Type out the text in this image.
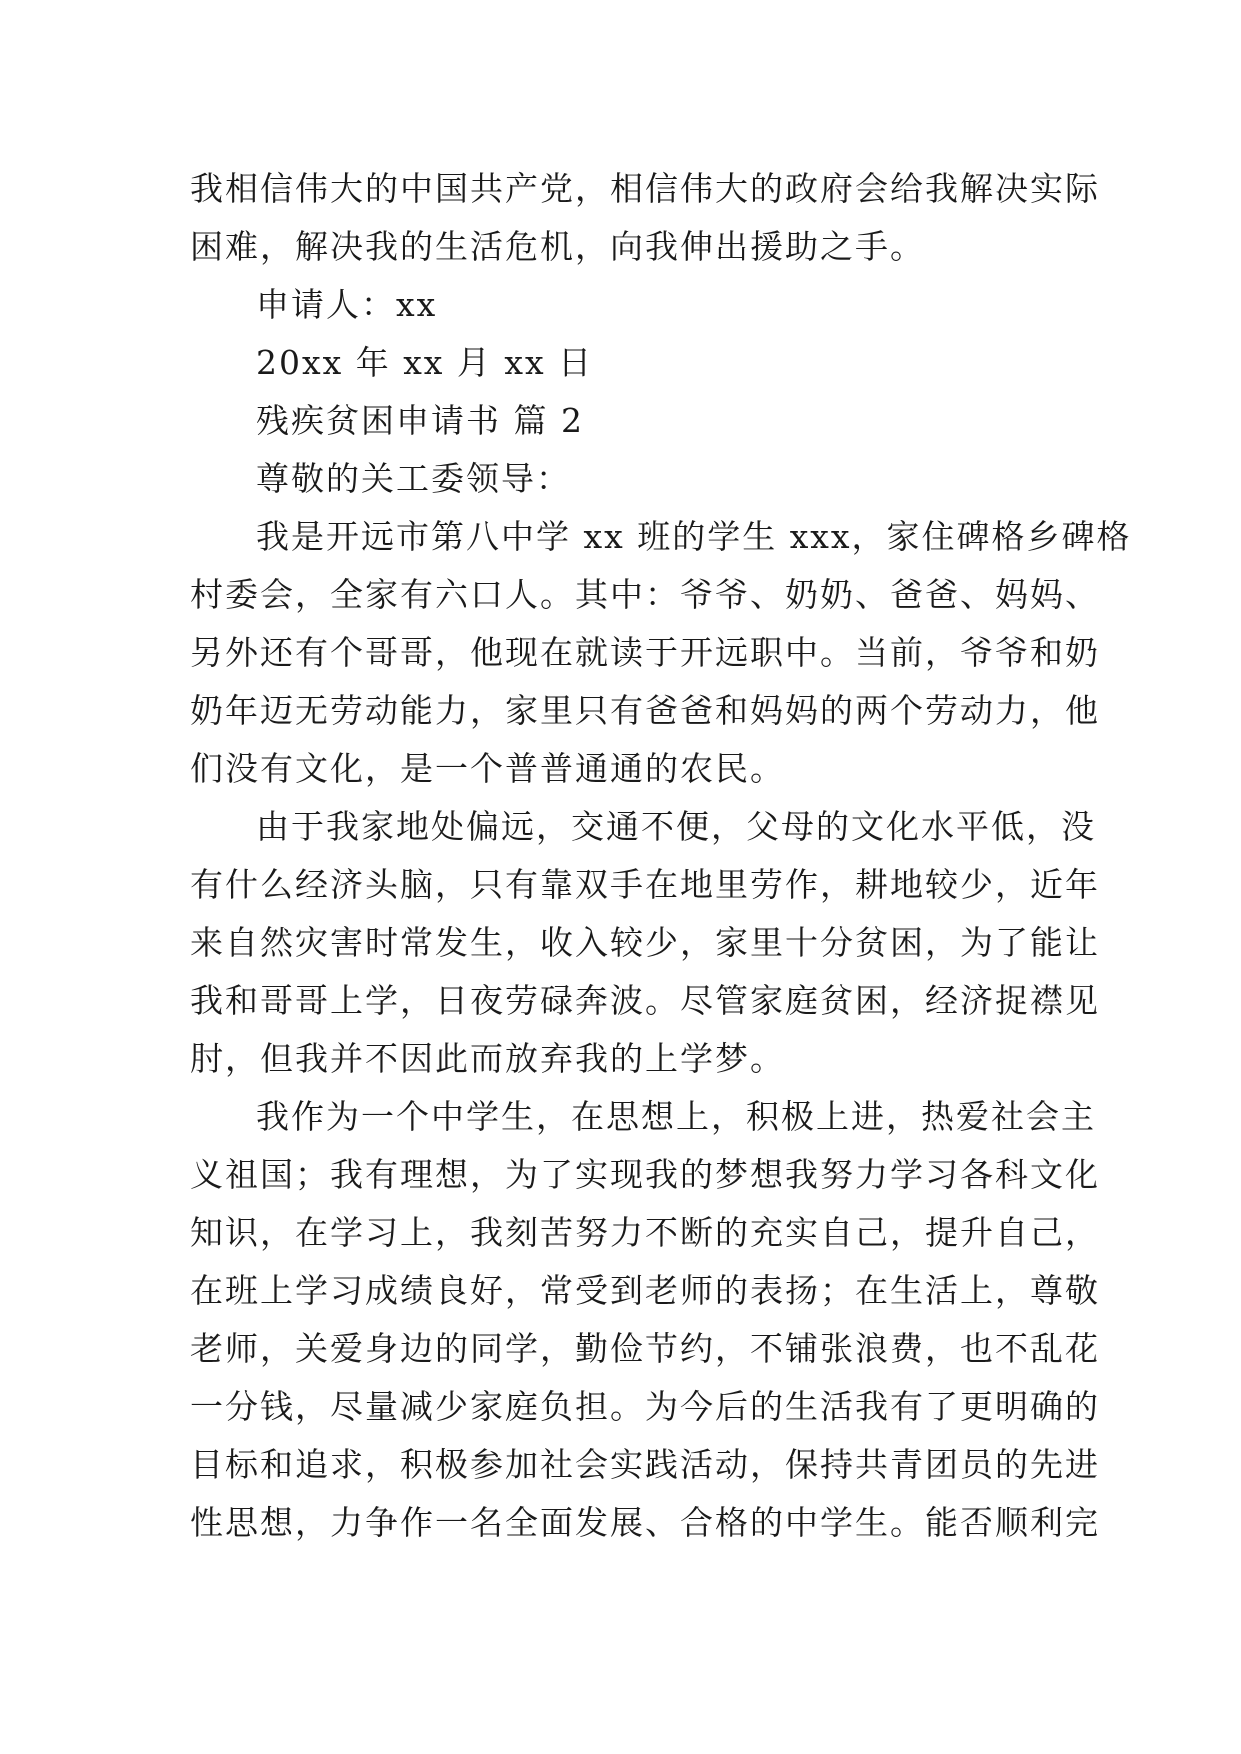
我相信伟大的中国共产党，相信伟大的政府会给我解决实际
困难，解决我的生活危机，向我伸出援助之手。
申请人：xx
20xx 年 xx 月 xx 日
残疾贫困申请书 篇 2
尊敬的关工委领导：
我是开远市第八中学 xx 班的学生 xxx，家住碑格乡碑格
村委会，全家有六口人。其中：爷爷、奶奶、爸爸、妈妈、
另外还有个哥哥，他现在就读于开远职中。当前，爷爷和奶
奶年迈无劳动能力，家里只有爸爸和妈妈的两个劳动力，他
们没有文化，是一个普普通通的农民。
由于我家地处偏远，交通不便，父母的文化水平低，没
有什么经济头脑，只有靠双手在地里劳作，耕地较少，近年
来自然灾害时常发生，收入较少，家里十分贫困，为了能让
我和哥哥上学，日夜劳碌奔波。尽管家庭贫困，经济捉襟见
肘，但我并不因此而放弃我的上学梦。
我作为一个中学生，在思想上，积极上进，热爱社会主
义祖国；我有理想，为了实现我的梦想我努力学习各科文化
知识，在学习上，我刻苦努力不断的充实自己，提升自己，
在班上学习成绩良好，常受到老师的表扬；在生活上，尊敬
老师，关爱身边的同学，勤俭节约，不铺张浪费，也不乱花
一分钱，尽量减少家庭负担。为今后的生活我有了更明确的
目标和追求，积极参加社会实践活动，保持共青团员的先进
性思想，力争作一名全面发展、合格的中学生。能否顺利完
